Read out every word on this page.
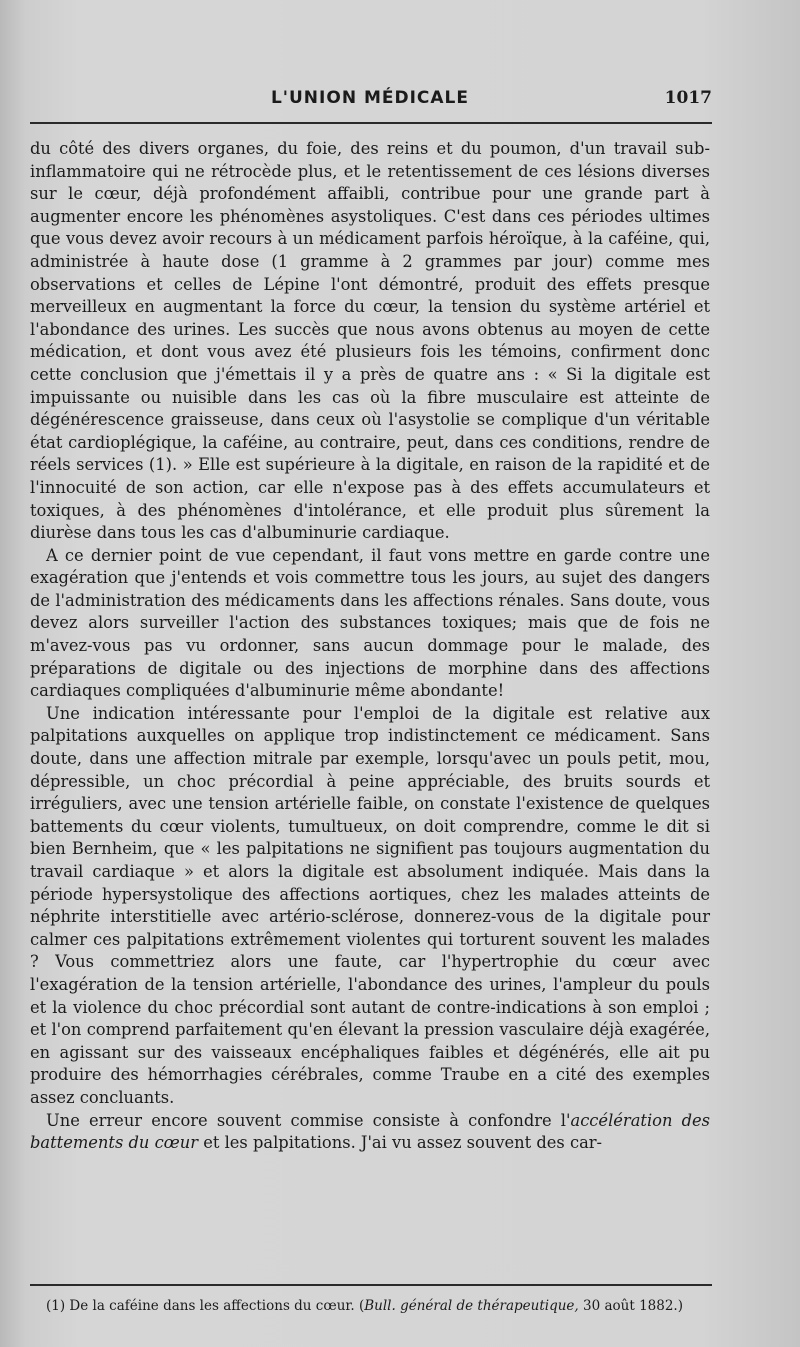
L'UNION MÉDICALE	1017

du côté des divers organes, du foie, des reins et du poumon, d'un travail sub-inflammatoire qui ne rétrocède plus, et le retentissement de ces lésions diverses sur le cœur, déjà profondément affaibli, contribue pour une grande part à augmenter encore les phénomènes asystoliques. C'est dans ces périodes ultimes que vous devez avoir recours à un médicament parfois héroïque, à la caféine, qui, administrée à haute dose (1 gramme à 2 grammes par jour) comme mes observations et celles de Lépine l'ont démontré, produit des effets presque merveilleux en augmentant la force du cœur, la tension du système artériel et l'abondance des urines. Les succès que nous avons obtenus au moyen de cette médication, et dont vous avez été plusieurs fois les témoins, confirment donc cette conclusion que j'émettais il y a près de quatre ans : « Si la digitale est impuissante ou nuisible dans les cas où la fibre musculaire est atteinte de dégénérescence graisseuse, dans ceux où l'asystolie se complique d'un véritable état cardioplégique, la caféine, au contraire, peut, dans ces conditions, rendre de réels services (1). » Elle est supérieure à la digitale, en raison de la rapidité et de l'innocuité de son action, car elle n'expose pas à des effets accumulateurs et toxiques, à des phénomènes d'intolérance, et elle produit plus sûrement la diurèse dans tous les cas d'albuminurie cardiaque.

A ce dernier point de vue cependant, il faut vons mettre en garde contre une exagération que j'entends et vois commettre tous les jours, au sujet des dangers de l'administration des médicaments dans les affections rénales. Sans doute, vous devez alors surveiller l'action des substances toxiques; mais que de fois ne m'avez-vous pas vu ordonner, sans aucun dommage pour le malade, des préparations de digitale ou des injections de morphine dans des affections cardiaques compliquées d'albuminurie même abondante!

Une indication intéressante pour l'emploi de la digitale est relative aux palpitations auxquelles on applique trop indistinctement ce médicament. Sans doute, dans une affection mitrale par exemple, lorsqu'avec un pouls petit, mou, dépressible, un choc précordial à peine appréciable, des bruits sourds et irréguliers, avec une tension artérielle faible, on constate l'existence de quelques battements du cœur violents, tumultueux, on doit comprendre, comme le dit si bien Bernheim, que « les palpitations ne signifient pas toujours augmentation du travail cardiaque » et alors la digitale est absolument indiquée. Mais dans la période hypersystolique des affections aortiques, chez les malades atteints de néphrite interstitielle avec artério-sclérose, donnerez-vous de la digitale pour calmer ces palpitations extrêmement violentes qui torturent souvent les malades ? Vous commettriez alors une faute, car l'hypertrophie du cœur avec l'exagération de la tension artérielle, l'abondance des urines, l'ampleur du pouls et la violence du choc précordial sont autant de contre-indications à son emploi ; et l'on comprend parfaitement qu'en élevant la pression vasculaire déjà exagérée, en agissant sur des vaisseaux encéphaliques faibles et dégénérés, elle ait pu produire des hémorrhagies cérébrales, comme Traube en a cité des exemples assez concluants.

Une erreur encore souvent commise consiste à confondre l'accélération des battements du cœur et les palpitations. J'ai vu assez souvent des car-

(1) De la caféine dans les affections du cœur. (Bull. général de thérapeutique, 30 août 1882.)
